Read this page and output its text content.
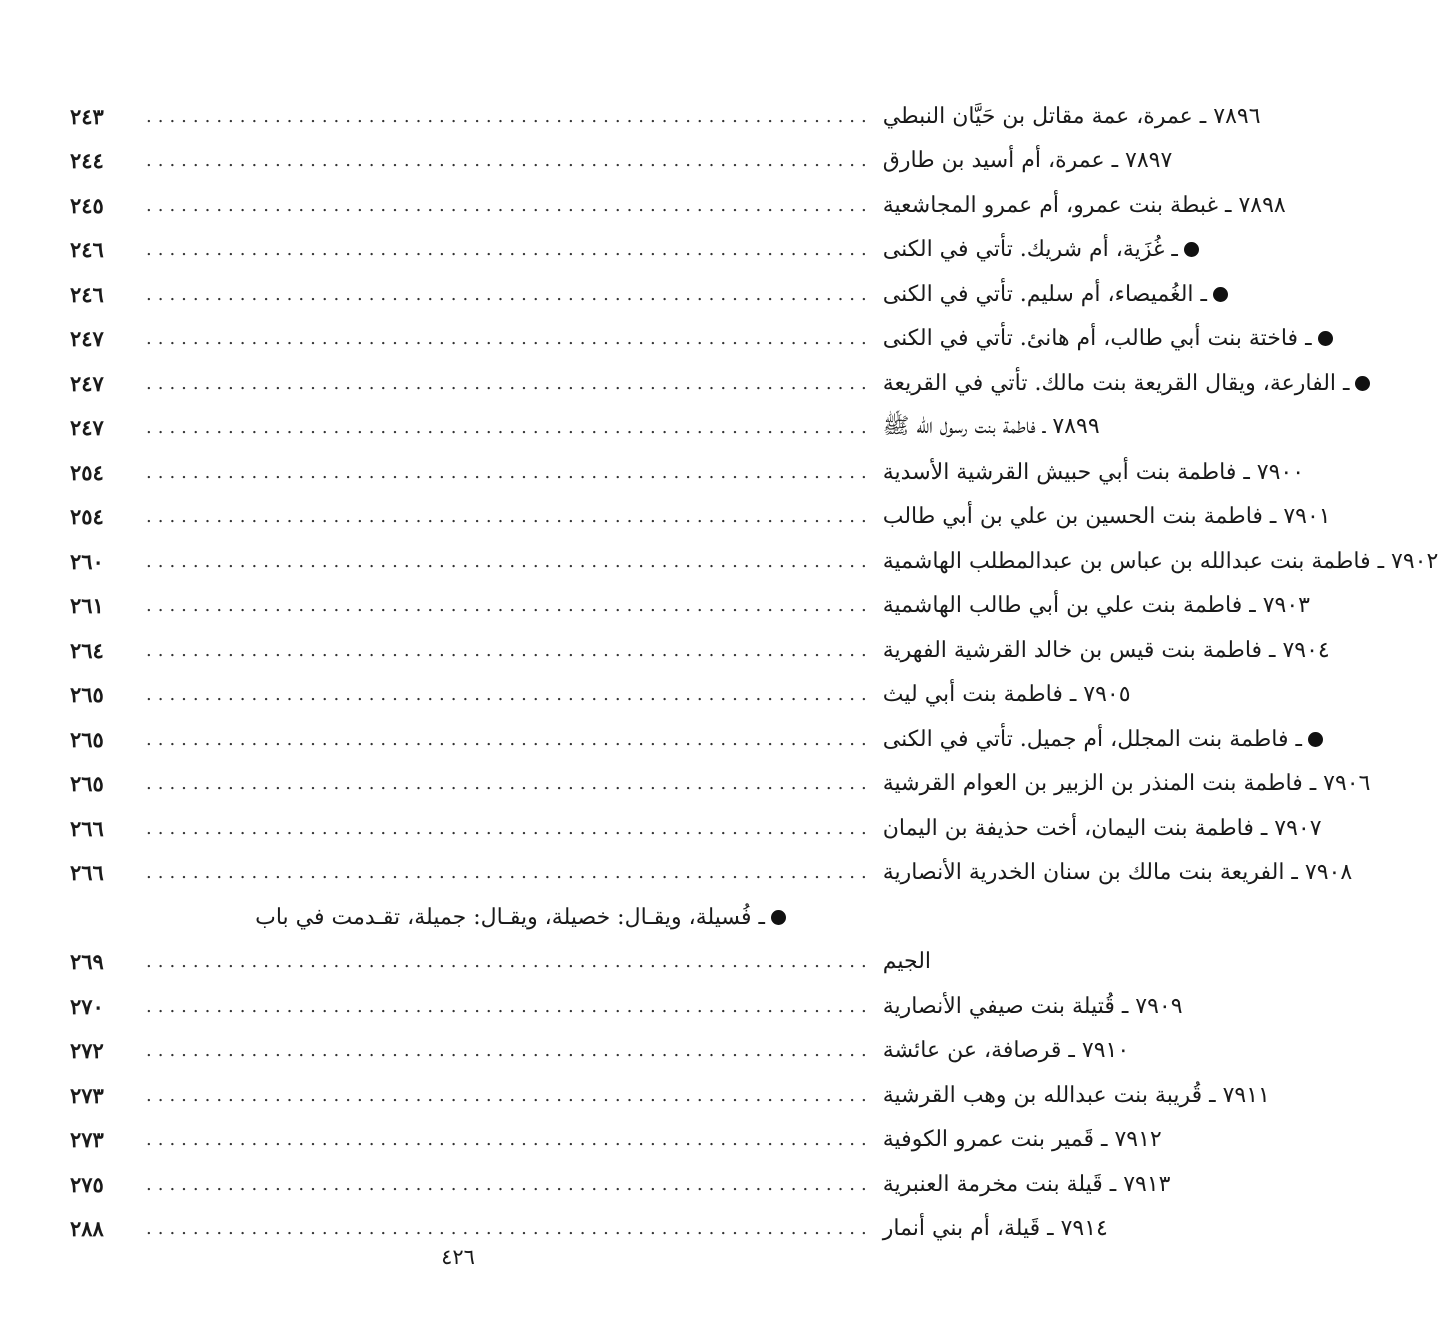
٢٤٣	.............................................................. ٧٨٩٦ ـ عمرة، عمة مقاتل بن حَيَّان النبطي
٢٤٤	.............................................................. ٧٨٩٧ ـ عمرة، أم أسيد بن طارق
٢٤٥	.............................................................. ٧٨٩٨ ـ غبطة بنت عمرو، أم عمرو المجاشعية
٢٤٦	.............................................................. ـ غُزَية، أم شريك. تأتي في الكنى
٢٤٦	.............................................................. ـ الغُميصاء، أم سليم. تأتي في الكنى
٢٤٧	.............................................................. ـ فاختة بنت أبي طالب، أم هانئ. تأتي في الكنى
٢٤٧	.............................................................. ـ الفارعة، ويقال القريعة بنت مالك. تأتي في القريعة
٢٤٧	.............................................................. ٧٨٩٩ ـ فاطمة بنت رسول الله ﷺ
٢٥٤	.............................................................. ٧٩٠٠ ـ فاطمة بنت أبي حبيش القرشية الأسدية
٢٥٤	.............................................................. ٧٩٠١ ـ فاطمة بنت الحسين بن علي بن أبي طالب
٢٦٠	.............................................................. ٧٩٠٢ ـ فاطمة بنت عبدالله بن عباس بن عبدالمطلب الهاشمية
٢٦١	.............................................................. ٧٩٠٣ ـ فاطمة بنت علي بن أبي طالب الهاشمية
٢٦٤	.............................................................. ٧٩٠٤ ـ فاطمة بنت قيس بن خالد القرشية الفهرية
٢٦٥	.............................................................. ٧٩٠٥ ـ فاطمة بنت أبي ليث
٢٦٥	.............................................................. ـ فاطمة بنت المجلل، أم جميل. تأتي في الكنى
٢٦٥	.............................................................. ٧٩٠٦ ـ فاطمة بنت المنذر بن الزبير بن العوام القرشية
٢٦٦	.............................................................. ٧٩٠٧ ـ فاطمة بنت اليمان، أخت حذيفة بن اليمان
٢٦٦	.............................................................. ٧٩٠٨ ـ الفريعة بنت مالك بن سنان الخدرية الأنصارية
ـ فُسيلة، ويقـال: خصيلة، ويقـال: جميلة، تقـدمت في باب
٢٦٩	.............................................................. الجيم
٢٧٠	.............................................................. ٧٩٠٩ ـ قُتيلة بنت صيفي الأنصارية
٢٧٢	.............................................................. ٧٩١٠ ـ قرصافة، عن عائشة
٢٧٣	.............................................................. ٧٩١١ ـ قُريبة بنت عبدالله بن وهب القرشية
٢٧٣	.............................................................. ٧٩١٢ ـ قَمير بنت عمرو الكوفية
٢٧٥	.............................................................. ٧٩١٣ ـ قَيلة بنت مخرمة العنبرية
٢٨٨	.............................................................. ٧٩١٤ ـ قَيلة، أم بني أنمار
٤٢٦
